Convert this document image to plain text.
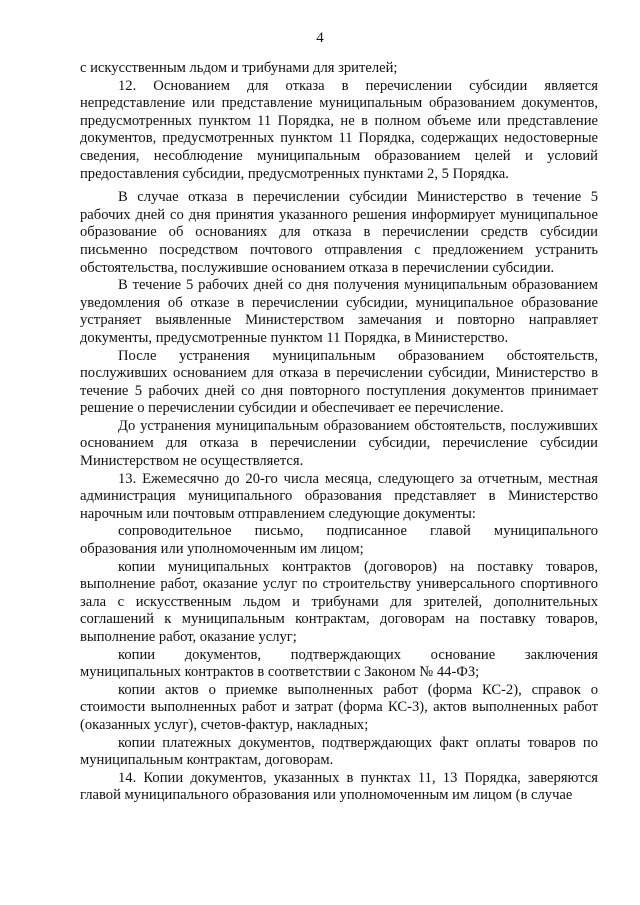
4

с искусственным льдом и трибунами для зрителей;

12. Основанием для отказа в перечислении субсидии является непредставление или представление муниципальным образованием документов, предусмотренных пунктом 11 Порядка, не в полном объеме или представление документов, предусмотренных пунктом 11 Порядка, содержащих недостоверные сведения, несоблюдение муниципальным образованием целей и условий предоставления субсидии, предусмотренных пунктами 2, 5 Порядка.

В случае отказа в перечислении субсидии Министерство в течение 5 рабочих дней со дня принятия указанного решения информирует муниципальное образование об основаниях для отказа в перечислении средств субсидии письменно посредством почтового отправления с предложением устранить обстоятельства, послужившие основанием отказа в перечислении субсидии.

В течение 5 рабочих дней со дня получения муниципальным образованием уведомления об отказе в перечислении субсидии, муниципальное образование устраняет выявленные Министерством замечания и повторно направляет документы, предусмотренные пунктом 11 Порядка, в Министерство.

После устранения муниципальным образованием обстоятельств, послуживших основанием для отказа в перечислении субсидии, Министерство в течение 5 рабочих дней со дня повторного поступления документов принимает решение о перечислении субсидии и обеспечивает ее перечисление.

До устранения муниципальным образованием обстоятельств, послуживших основанием для отказа в перечислении субсидии, перечисление субсидии Министерством не осуществляется.

13. Ежемесячно до 20-го числа месяца, следующего за отчетным, местная администрация муниципального образования представляет в Министерство нарочным или почтовым отправлением следующие документы:

сопроводительное письмо, подписанное главой муниципального образования или уполномоченным им лицом;

копии муниципальных контрактов (договоров) на поставку товаров, выполнение работ, оказание услуг по строительству универсального спортивного зала с искусственным льдом и трибунами для зрителей, дополнительных соглашений к муниципальным контрактам, договорам на поставку товаров, выполнение работ, оказание услуг;

копии документов, подтверждающих основание заключения муниципальных контрактов в соответствии с Законом № 44-ФЗ;

копии актов о приемке выполненных работ (форма КС-2), справок о стоимости выполненных работ и затрат (форма КС-3), актов выполненных работ (оказанных услуг), счетов-фактур, накладных;

копии платежных документов, подтверждающих факт оплаты товаров по муниципальным контрактам, договорам.

14. Копии документов, указанных в пунктах 11, 13 Порядка, заверяются главой муниципального образования или уполномоченным им лицом (в случае
